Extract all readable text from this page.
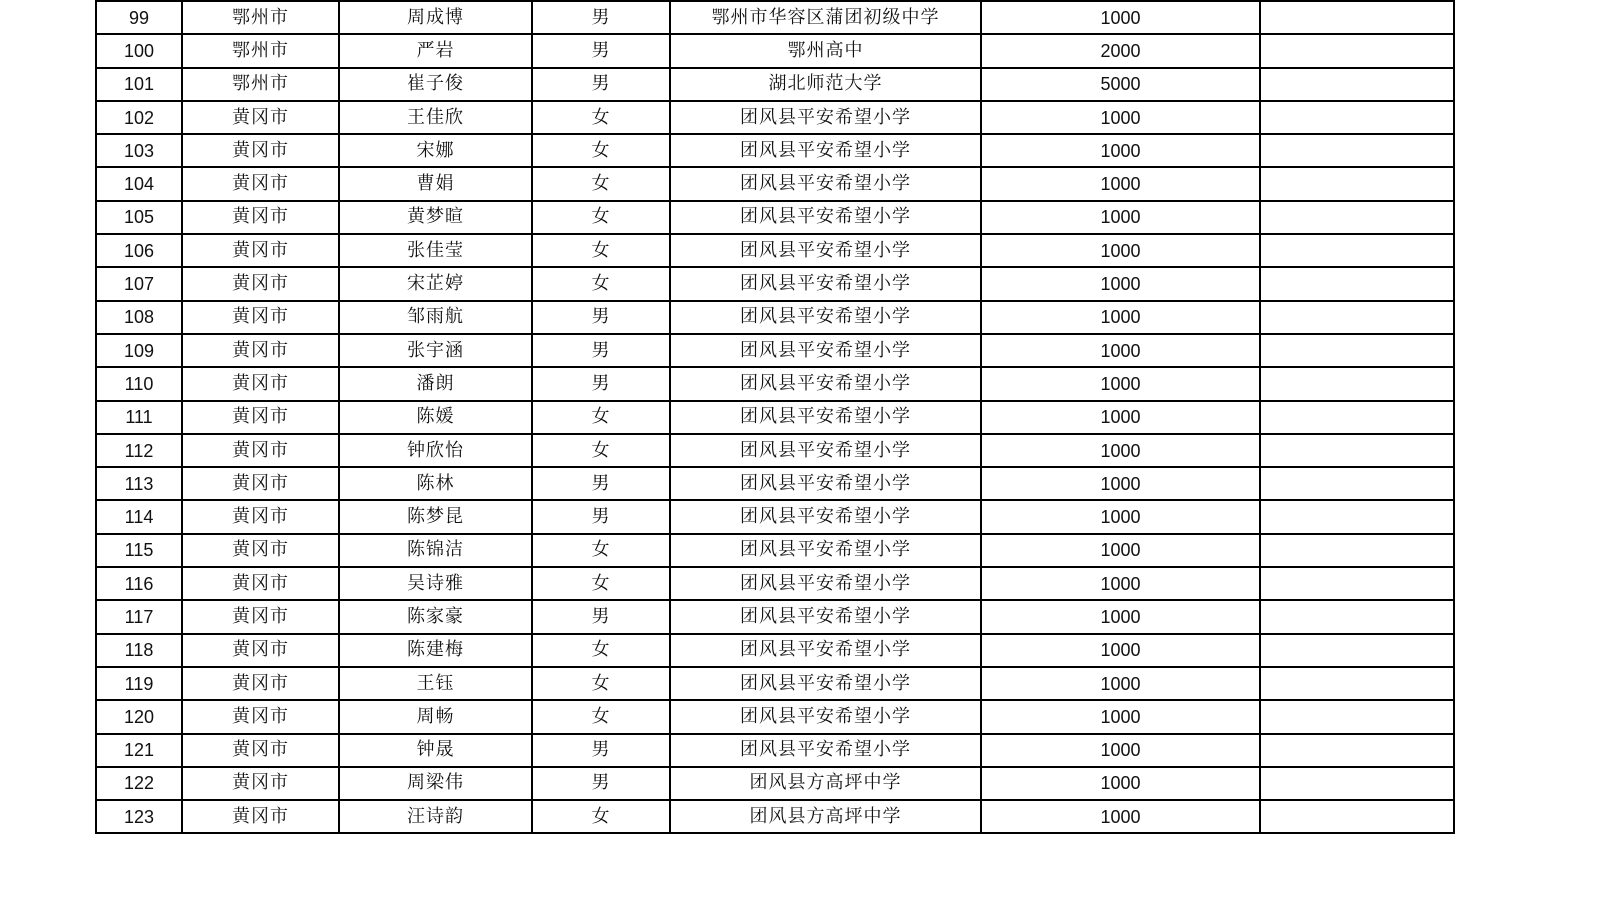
99	鄂州市	周成博	男	鄂州市华容区蒲团初级中学	1000	
100	鄂州市	严岩	男	鄂州高中	2000	
101	鄂州市	崔子俊	男	湖北师范大学	5000	
102	黄冈市	王佳欣	女	团风县平安希望小学	1000	
103	黄冈市	宋娜	女	团风县平安希望小学	1000	
104	黄冈市	曹娟	女	团风县平安希望小学	1000	
105	黄冈市	黄梦暄	女	团风县平安希望小学	1000	
106	黄冈市	张佳莹	女	团风县平安希望小学	1000	
107	黄冈市	宋芷婷	女	团风县平安希望小学	1000	
108	黄冈市	邹雨航	男	团风县平安希望小学	1000	
109	黄冈市	张宇涵	男	团风县平安希望小学	1000	
110	黄冈市	潘朗	男	团风县平安希望小学	1000	
111	黄冈市	陈媛	女	团风县平安希望小学	1000	
112	黄冈市	钟欣怡	女	团风县平安希望小学	1000	
113	黄冈市	陈林	男	团风县平安希望小学	1000	
114	黄冈市	陈梦昆	男	团风县平安希望小学	1000	
115	黄冈市	陈锦洁	女	团风县平安希望小学	1000	
116	黄冈市	吴诗雅	女	团风县平安希望小学	1000	
117	黄冈市	陈家豪	男	团风县平安希望小学	1000	
118	黄冈市	陈建梅	女	团风县平安希望小学	1000	
119	黄冈市	王钰	女	团风县平安希望小学	1000	
120	黄冈市	周畅	女	团风县平安希望小学	1000	
121	黄冈市	钟晟	男	团风县平安希望小学	1000	
122	黄冈市	周梁伟	男	团风县方高坪中学	1000	
123	黄冈市	汪诗韵	女	团风县方高坪中学	1000	
